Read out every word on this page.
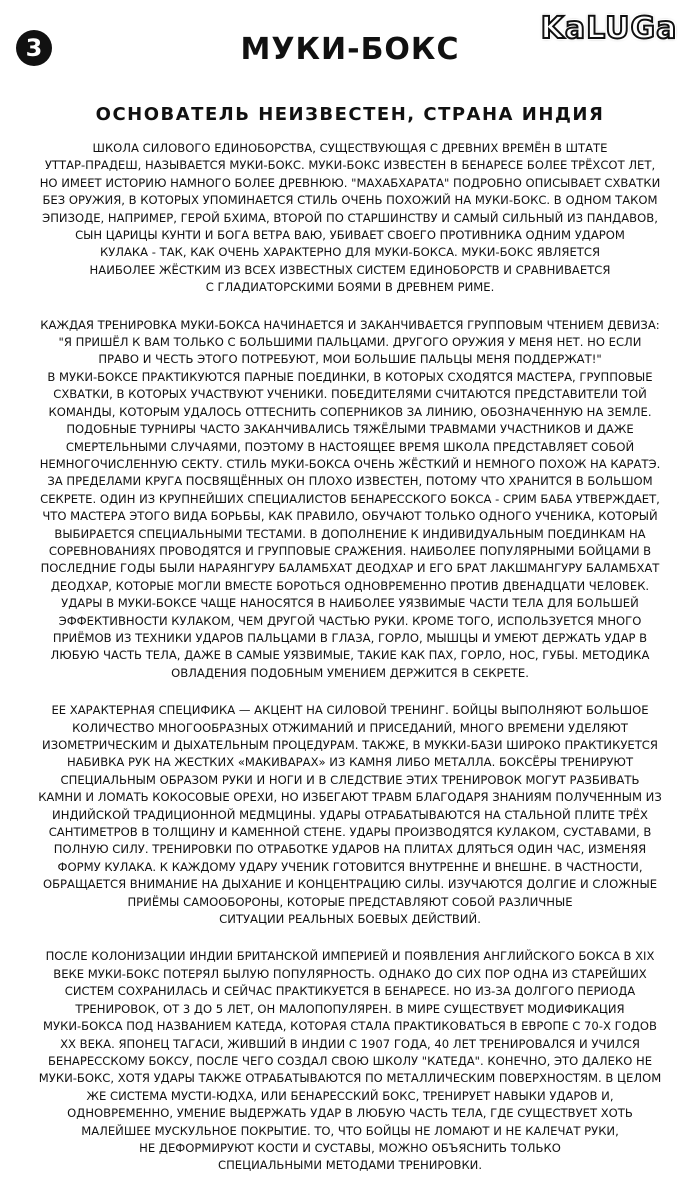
3
KaLUGa
МУКИ-БОКС
ОСНОВАТЕЛЬ НЕИЗВЕСТЕН, СТРАНА ИНДИЯ
ШКОЛА СИЛОВОГО ЕДИНОБОРСТВА, СУЩЕСТВУЮЩАЯ С ДРЕВНИХ ВРЕМЁН В ШТАТЕ
УТТАР-ПРАДЕШ, НАЗЫВАЕТСЯ МУКИ-БОКС. МУКИ-БОКС ИЗВЕСТЕН В БЕНАРЕСЕ БОЛЕЕ ТРЁХСОТ ЛЕТ,
НО ИМЕЕТ ИСТОРИЮ НАМНОГО БОЛЕЕ ДРЕВНЮЮ. "МАХАБХАРАТА" ПОДРОБНО ОПИСЫВАЕТ СХВАТКИ
БЕЗ ОРУЖИЯ, В КОТОРЫХ УПОМИНАЕТСЯ СТИЛЬ ОЧЕНЬ ПОХОЖИЙ НА МУКИ-БОКС. В ОДНОМ ТАКОМ
ЭПИЗОДЕ, НАПРИМЕР, ГЕРОЙ БХИМА, ВТОРОЙ ПО СТАРШИНСТВУ И САМЫЙ СИЛЬНЫЙ ИЗ ПАНДАВОВ,
СЫН ЦАРИЦЫ КУНТИ И БОГА ВЕТРА ВАЮ, УБИВАЕТ СВОЕГО ПРОТИВНИКА ОДНИМ УДАРОМ
КУЛАКА - ТАК, КАК ОЧЕНЬ ХАРАКТЕРНО ДЛЯ МУКИ-БОКСА. МУКИ-БОКС ЯВЛЯЕТСЯ
НАИБОЛЕЕ ЖЁСТКИМ ИЗ ВСЕХ ИЗВЕСТНЫХ СИСТЕМ ЕДИНОБОРСТВ И СРАВНИВАЕТСЯ
С ГЛАДИАТОРСКИМИ БОЯМИ В ДРЕВНЕМ РИМЕ.
КАЖДАЯ ТРЕНИРОВКА МУКИ-БОКСА НАЧИНАЕТСЯ И ЗАКАНЧИВАЕТСЯ ГРУППОВЫМ ЧТЕНИЕМ ДЕВИЗА:
"Я ПРИШЁЛ К ВАМ ТОЛЬКО С БОЛЬШИМИ ПАЛЬЦАМИ. ДРУГОГО ОРУЖИЯ У МЕНЯ НЕТ. НО ЕСЛИ
ПРАВО И ЧЕСТЬ ЭТОГО ПОТРЕБУЮТ, МОИ БОЛЬШИЕ ПАЛЬЦЫ МЕНЯ ПОДДЕРЖАТ!"
В МУКИ-БОКСЕ ПРАКТИКУЮТСЯ ПАРНЫЕ ПОЕДИНКИ, В КОТОРЫХ СХОДЯТСЯ МАСТЕРА, ГРУППОВЫЕ
СХВАТКИ, В КОТОРЫХ УЧАСТВУЮТ УЧЕНИКИ. ПОБЕДИТЕЛЯМИ СЧИТАЮТСЯ ПРЕДСТАВИТЕЛИ ТОЙ
КОМАНДЫ, КОТОРЫМ УДАЛОСЬ ОТТЕСНИТЬ СОПЕРНИКОВ ЗА ЛИНИЮ, ОБОЗНАЧЕННУЮ НА ЗЕМЛЕ.
ПОДОБНЫЕ ТУРНИРЫ ЧАСТО ЗАКАНЧИВАЛИСЬ ТЯЖЁЛЫМИ ТРАВМАМИ УЧАСТНИКОВ И ДАЖЕ
СМЕРТЕЛЬНЫМИ СЛУЧАЯМИ, ПОЭТОМУ В НАСТОЯЩЕЕ ВРЕМЯ ШКОЛА ПРЕДСТАВЛЯЕТ СОБОЙ
НЕМНОГОЧИСЛЕННУЮ СЕКТУ. СТИЛЬ МУКИ-БОКСА ОЧЕНЬ ЖЁСТКИЙ И НЕМНОГО ПОХОЖ НА КАРАТЭ.
ЗА ПРЕДЕЛАМИ КРУГА ПОСВЯЩЁННЫХ ОН ПЛОХО ИЗВЕСТЕН, ПОТОМУ ЧТО ХРАНИТСЯ В БОЛЬШОМ
СЕКРЕТЕ. ОДИН ИЗ КРУПНЕЙШИХ СПЕЦИАЛИСТОВ БЕНАРЕССКОГО БОКСА - СРИМ БАБА УТВЕРЖДАЕТ,
ЧТО МАСТЕРА ЭТОГО ВИДА БОРЬБЫ, КАК ПРАВИЛО, ОБУЧАЮТ ТОЛЬКО ОДНОГО УЧЕНИКА, КОТОРЫЙ
ВЫБИРАЕТСЯ СПЕЦИАЛЬНЫМИ ТЕСТАМИ. В ДОПОЛНЕНИЕ К ИНДИВИДУАЛЬНЫМ ПОЕДИНКАМ НА
СОРЕВНОВАНИЯХ ПРОВОДЯТСЯ И ГРУППОВЫЕ СРАЖЕНИЯ. НАИБОЛЕЕ ПОПУЛЯРНЫМИ БОЙЦАМИ В
ПОСЛЕДНИЕ ГОДЫ БЫЛИ НАРАЯНГУРУ БАЛАМБХАТ ДЕОДХАР И ЕГО БРАТ ЛАКШМАНГУРУ БАЛАМБХАТ
ДЕОДХАР, КОТОРЫЕ МОГЛИ ВМЕСТЕ БОРОТЬСЯ ОДНОВРЕМЕННО ПРОТИВ ДВЕНАДЦАТИ ЧЕЛОВЕК.
УДАРЫ В МУКИ-БОКСЕ ЧАЩЕ НАНОСЯТСЯ В НАИБОЛЕЕ УЯЗВИМЫЕ ЧАСТИ ТЕЛА ДЛЯ БОЛЬШЕЙ
ЭФФЕКТИВНОСТИ КУЛАКОМ, ЧЕМ ДРУГОЙ ЧАСТЬЮ РУКИ. КРОМЕ ТОГО, ИСПОЛЬЗУЕТСЯ МНОГО
ПРИЁМОВ ИЗ ТЕХНИКИ УДАРОВ ПАЛЬЦАМИ В ГЛАЗА, ГОРЛО, МЫШЦЫ И УМЕЮТ ДЕРЖАТЬ УДАР В
ЛЮБУЮ ЧАСТЬ ТЕЛА, ДАЖЕ В САМЫЕ УЯЗВИМЫЕ, ТАКИЕ КАК ПАХ, ГОРЛО, НОС, ГУБЫ. МЕТОДИКА
ОВЛАДЕНИЯ ПОДОБНЫМ УМЕНИЕМ ДЕРЖИТСЯ В СЕКРЕТЕ.
ЕЕ ХАРАКТЕРНАЯ СПЕЦИФИКА — АКЦЕНТ НА СИЛОВОЙ ТРЕНИНГ. БОЙЦЫ ВЫПОЛНЯЮТ БОЛЬШОЕ
КОЛИЧЕСТВО МНОГООБРАЗНЫХ ОТЖИМАНИЙ И ПРИСЕДАНИЙ, МНОГО ВРЕМЕНИ УДЕЛЯЮТ
ИЗОМЕТРИЧЕСКИМ И ДЫХАТЕЛЬНЫМ ПРОЦЕДУРАМ. ТАКЖЕ, В МУККИ-БАЗИ ШИРОКО ПРАКТИКУЕТСЯ
НАБИВКА РУК НА ЖЕСТКИХ «МАКИВАРАХ» ИЗ КАМНЯ ЛИБО МЕТАЛЛА. БОКСЁРЫ ТРЕНИРУЮТ
СПЕЦИАЛЬНЫМ ОБРАЗОМ РУКИ И НОГИ И В СЛЕДСТВИЕ ЭТИХ ТРЕНИРОВОК МОГУТ РАЗБИВАТЬ
КАМНИ И ЛОМАТЬ КОКОСОВЫЕ ОРЕХИ, НО ИЗБЕГАЮТ ТРАВМ БЛАГОДАРЯ ЗНАНИЯМ ПОЛУЧЕННЫМ ИЗ
ИНДИЙСКОЙ ТРАДИЦИОННОЙ МЕДМЦИНЫ. УДАРЫ ОТРАБАТЫВАЮТСЯ НА СТАЛЬНОЙ ПЛИТЕ ТРЁХ
САНТИМЕТРОВ В ТОЛЩИНУ И КАМЕННОЙ СТЕНЕ. УДАРЫ ПРОИЗВОДЯТСЯ КУЛАКОМ, СУСТАВАМИ, В
ПОЛНУЮ СИЛУ. ТРЕНИРОВКИ ПО ОТРАБОТКЕ УДАРОВ НА ПЛИТАХ ДЛЯТЬСЯ ОДИН ЧАС, ИЗМЕНЯЯ
ФОРМУ КУЛАКА. К КАЖДОМУ УДАРУ УЧЕНИК ГОТОВИТСЯ ВНУТРЕННЕ И ВНЕШНЕ. В ЧАСТНОСТИ,
ОБРАЩАЕТСЯ ВНИМАНИЕ НА ДЫХАНИЕ И КОНЦЕНТРАЦИЮ СИЛЫ. ИЗУЧАЮТСЯ ДОЛГИЕ И СЛОЖНЫЕ
ПРИЁМЫ САМООБОРОНЫ, КОТОРЫЕ ПРЕДСТАВЛЯЮТ СОБОЙ РАЗЛИЧНЫЕ
СИТУАЦИИ РЕАЛЬНЫХ БОЕВЫХ ДЕЙСТВИЙ.
ПОСЛЕ КОЛОНИЗАЦИИ ИНДИИ БРИТАНСКОЙ ИМПЕРИЕЙ И ПОЯВЛЕНИЯ АНГЛИЙСКОГО БОКСА В XIX
ВЕКЕ МУКИ-БОКС ПОТЕРЯЛ БЫЛУЮ ПОПУЛЯРНОСТЬ. ОДНАКО ДО СИХ ПОР ОДНА ИЗ СТАРЕЙШИХ
СИСТЕМ СОХРАНИЛАСЬ И СЕЙЧАС ПРАКТИКУЕТСЯ В БЕНАРЕСЕ. НО ИЗ-ЗА ДОЛГОГО ПЕРИОДА
ТРЕНИРОВОК, ОТ 3 ДО 5 ЛЕТ, ОН МАЛОПОПУЛЯРЕН. В МИРЕ СУЩЕСТВУЕТ МОДИФИКАЦИЯ
МУКИ-БОКСА ПОД НАЗВАНИЕМ КАТЕДА, КОТОРАЯ СТАЛА ПРАКТИКОВАТЬСЯ В ЕВРОПЕ С 70-Х ГОДОВ
XX ВЕКА. ЯПОНЕЦ ТАГАСИ, ЖИВШИЙ В ИНДИИ С 1907 ГОДА, 40 ЛЕТ ТРЕНИРОВАЛСЯ И УЧИЛСЯ
БЕНАРЕССКОМУ БОКСУ, ПОСЛЕ ЧЕГО СОЗДАЛ СВОЮ ШКОЛУ "КАТЕДА". КОНЕЧНО, ЭТО ДАЛЕКО НЕ
МУКИ-БОКС, ХОТЯ УДАРЫ ТАКЖЕ ОТРАБАТЫВАЮТСЯ ПО МЕТАЛЛИЧЕСКИМ ПОВЕРХНОСТЯМ. В ЦЕЛОМ
ЖЕ СИСТЕМА МУСТИ-ЮДХА, ИЛИ БЕНАРЕССКИЙ БОКС, ТРЕНИРУЕТ НАВЫКИ УДАРОВ И,
ОДНОВРЕМЕННО, УМЕНИЕ ВЫДЕРЖАТЬ УДАР В ЛЮБУЮ ЧАСТЬ ТЕЛА, ГДЕ СУЩЕСТВУЕТ ХОТЬ
МАЛЕЙШЕЕ МУСКУЛЬНОЕ ПОКРЫТИЕ. ТО, ЧТО БОЙЦЫ НЕ ЛОМАЮТ И НЕ КАЛЕЧАТ РУКИ,
НЕ ДЕФОРМИРУЮТ КОСТИ И СУСТАВЫ, МОЖНО ОБЪЯСНИТЬ ТОЛЬКО
СПЕЦИАЛЬНЫМИ МЕТОДАМИ ТРЕНИРОВКИ.
